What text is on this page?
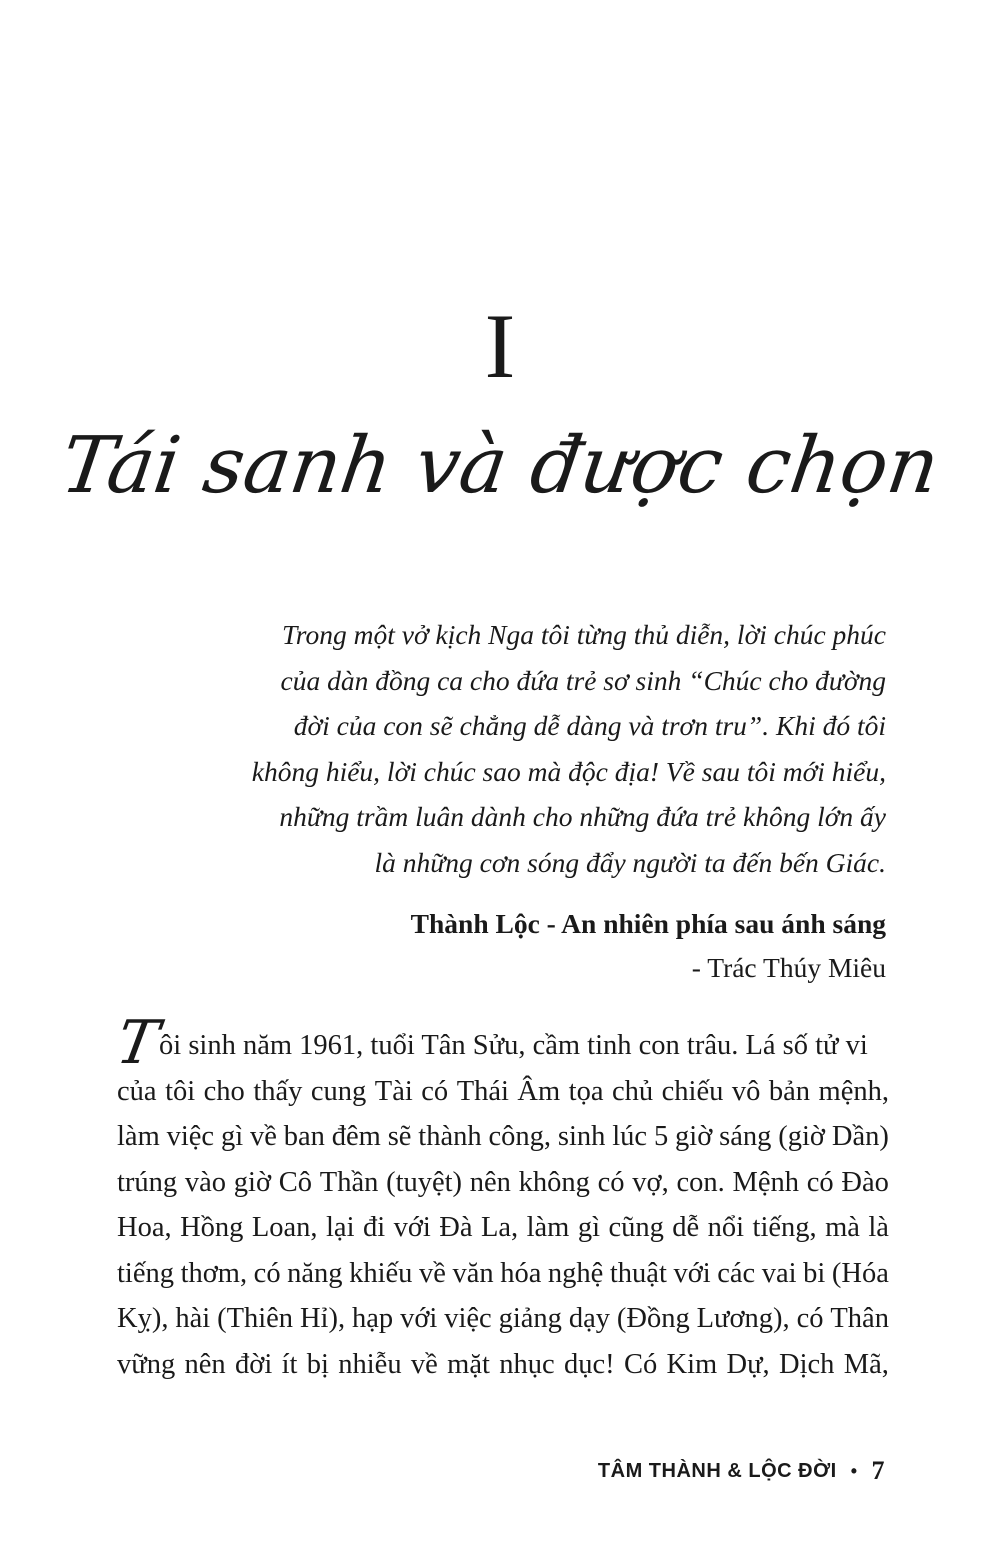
I
Tái sanh và được chọn
Trong một vở kịch Nga tôi từng thủ diễn, lời chúc phúc
của dàn đồng ca cho đứa trẻ sơ sinh “Chúc cho đường
đời của con sẽ chẳng dễ dàng và trơn tru”. Khi đó tôi
không hiểu, lời chúc sao mà độc địa! Về sau tôi mới hiểu,
những trầm luân dành cho những đứa trẻ không lớn ấy
là những cơn sóng đẩy người ta đến bến Giác.
Thành Lộc - An nhiên phía sau ánh sáng
- Trác Thúy Miêu
T
ôi sinh năm 1961, tuổi Tân Sửu, cầm tinh con trâu. Lá số tử vi
của tôi cho thấy cung Tài có Thái Âm tọa chủ chiếu vô bản mệnh,
làm việc gì về ban đêm sẽ thành công, sinh lúc 5 giờ sáng (giờ Dần)
trúng vào giờ Cô Thần (tuyệt) nên không có vợ, con. Mệnh có Đào
Hoa, Hồng Loan, lại đi với Đà La, làm gì cũng dễ nổi tiếng, mà là
tiếng thơm, có năng khiếu về văn hóa nghệ thuật với các vai bi (Hóa
Kỵ), hài (Thiên Hỉ), hạp với việc giảng dạy (Đồng Lương), có Thân
vững nên đời ít bị nhiễu về mặt nhục dục! Có Kim Dự, Dịch Mã,
TÂM THÀNH & LỘC ĐỜI • 7
